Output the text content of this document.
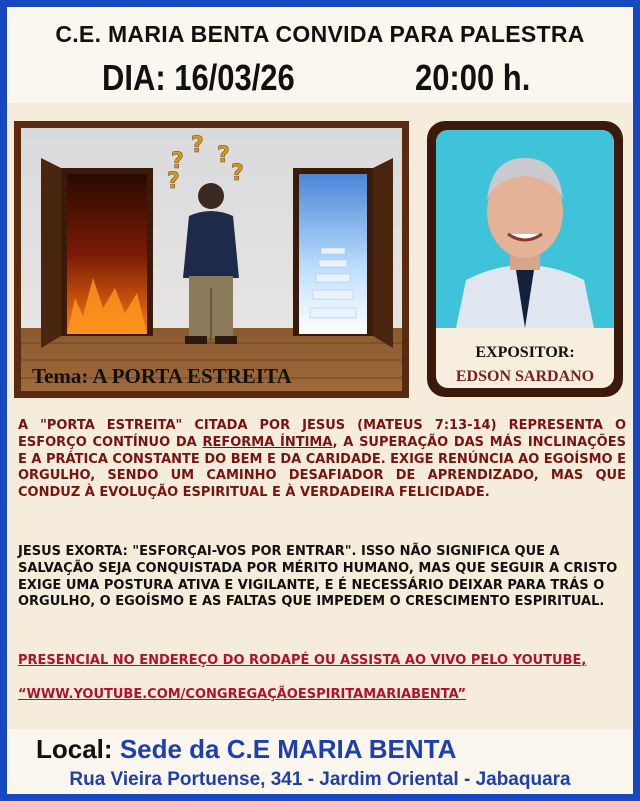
C.E. MARIA BENTA CONVIDA PARA PALESTRA
DIA: 16/03/26	20:00 h.
?
? ?
?
?
Tema: A PORTA ESTREITA
EXPOSITOR:
EDSON SARDANO
A "PORTA ESTREITA" CITADA POR JESUS (MATEUS 7:13-14) REPRESENTA O ESFORÇO CONTÍNUO DA REFORMA ÍNTIMA, A SUPERAÇÃO DAS MÁS INCLINAÇÕES E A PRÁTICA CONSTANTE DO BEM E DA CARIDADE. EXIGE RENÚNCIA AO EGOÍSMO E ORGULHO, SENDO UM CAMINHO DESAFIADOR DE APRENDIZADO, MAS QUE CONDUZ À EVOLUÇÃO ESPIRITUAL E À VERDADEIRA FELICIDADE.
JESUS EXORTA: "ESFORÇAI-VOS POR ENTRAR". ISSO NÃO SIGNIFICA QUE A SALVAÇÃO SEJA CONQUISTADA POR MÉRITO HUMANO, MAS QUE SEGUIR A CRISTO EXIGE UMA POSTURA ATIVA E VIGILANTE, E É NECESSÁRIO DEIXAR PARA TRÁS O ORGULHO, O EGOÍSMO E AS FALTAS QUE IMPEDEM O CRESCIMENTO ESPIRITUAL.
PRESENCIAL NO ENDEREÇO DO RODAPÉ OU ASSISTA AO VIVO PELO YOUTUBE,
“WWW.YOUTUBE.COM/CONGREGAÇÃOESPIRITAMARIABENTA”
Local: Sede da C.E MARIA BENTA
Rua Vieira Portuense, 341 - Jardim Oriental - Jabaquara
